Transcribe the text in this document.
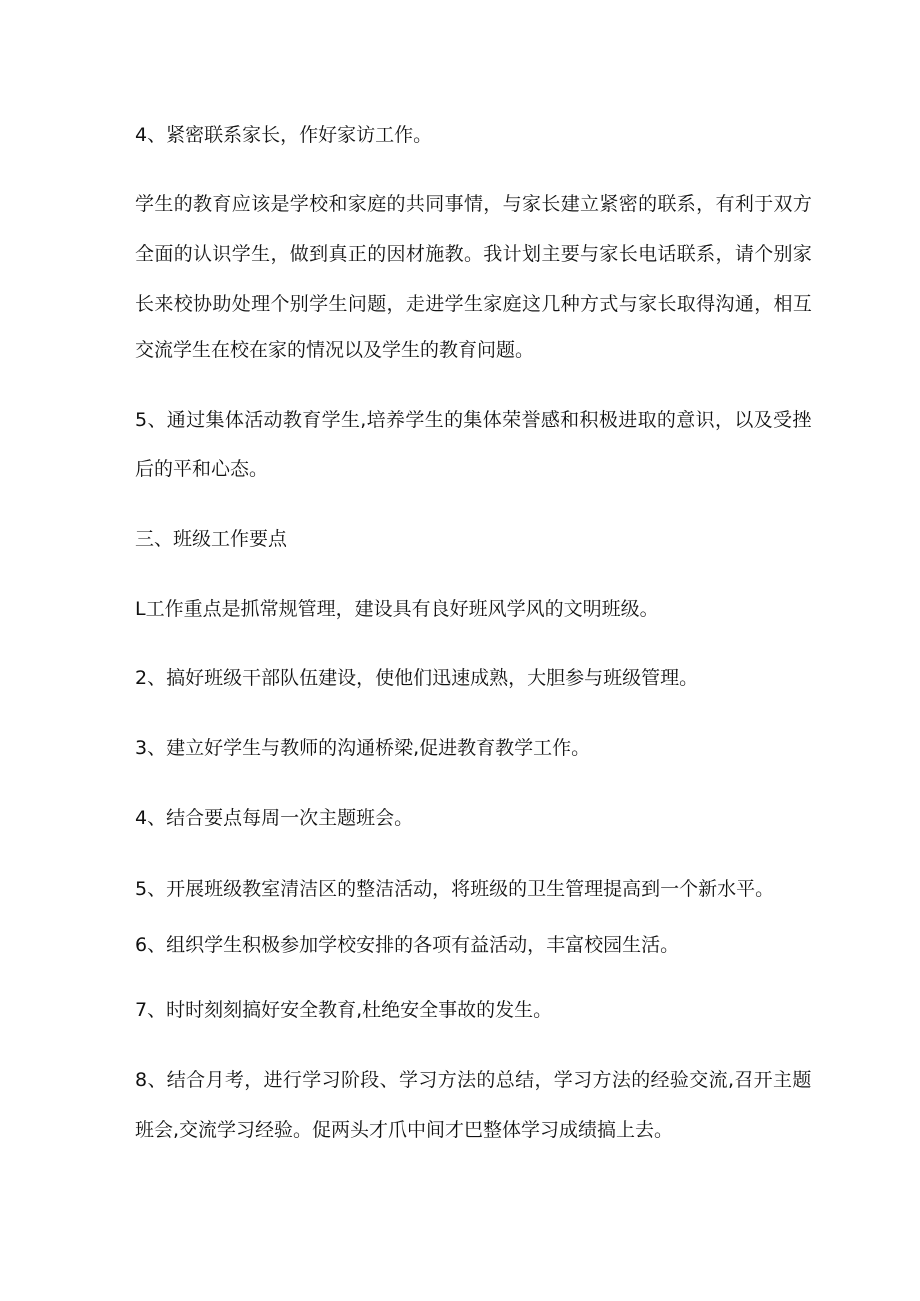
4、紧密联系家长，作好家访工作。
学生的教育应该是学校和家庭的共同事情，与家长建立紧密的联系，有利于双方
全面的认识学生，做到真正的因材施教。我计划主要与家长电话联系，请个别家
长来校协助处理个别学生问题，走进学生家庭这几种方式与家长取得沟通，相互
交流学生在校在家的情况以及学生的教育问题。
5、通过集体活动教育学生,培养学生的集体荣誉感和积极进取的意识，以及受挫
后的平和心态。
三、班级工作要点
L工作重点是抓常规管理，建设具有良好班风学风的文明班级。
2、搞好班级干部队伍建设，使他们迅速成熟，大胆参与班级管理。
3、建立好学生与教师的沟通桥梁,促进教育教学工作。
4、结合要点每周一次主题班会。
5、开展班级教室清洁区的整洁活动，将班级的卫生管理提高到一个新水平。
6、组织学生积极参加学校安排的各项有益活动，丰富校园生活。
7、时时刻刻搞好安全教育,杜绝安全事故的发生。
8、结合月考，进行学习阶段、学习方法的总结，学习方法的经验交流,召开主题
班会,交流学习经验。促两头才爪中间才巴整体学习成绩搞上去。
